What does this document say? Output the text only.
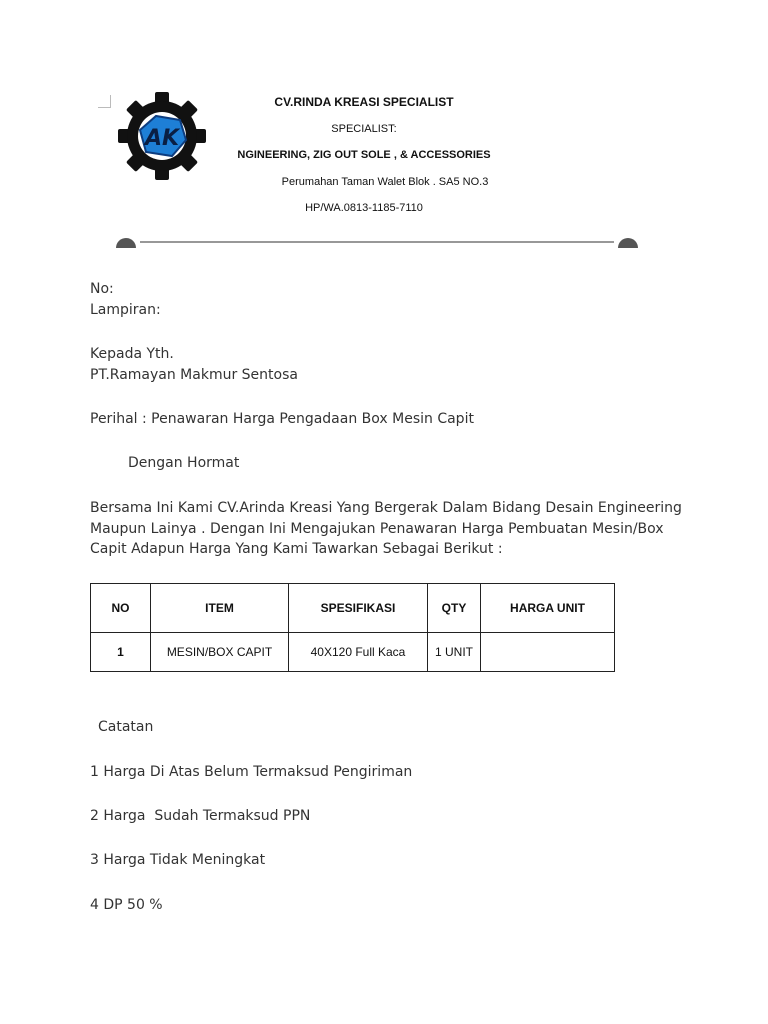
AK
CV.RINDA KREASI SPECIALIST
SPECIALIST:
NGINEERING, ZIG OUT SOLE , & ACCESSORIES
Perumahan Taman Walet Blok . SA5 NO.3
HP/WA.0813-1185-7110
No:
Lampiran:
Kepada Yth.
PT.Ramayan Makmur Sentosa
Perihal : Penawaran Harga Pengadaan Box Mesin Capit
Dengan Hormat
Bersama Ini Kami CV.Arinda Kreasi Yang Bergerak Dalam Bidang Desain Engineering
Maupun Lainya . Dengan Ini Mengajukan Penawaran Harga Pembuatan Mesin/Box
Capit Adapun Harga Yang Kami Tawarkan Sebagai Berikut :
NO	ITEM	SPESIFIKASI	QTY	HARGA UNIT
1	MESIN/BOX CAPIT	40X120 Full Kaca	1 UNIT	
Catatan
1 Harga Di Atas Belum Termaksud Pengiriman
2 Harga  Sudah Termaksud PPN
3 Harga Tidak Meningkat
4 DP 50 %
